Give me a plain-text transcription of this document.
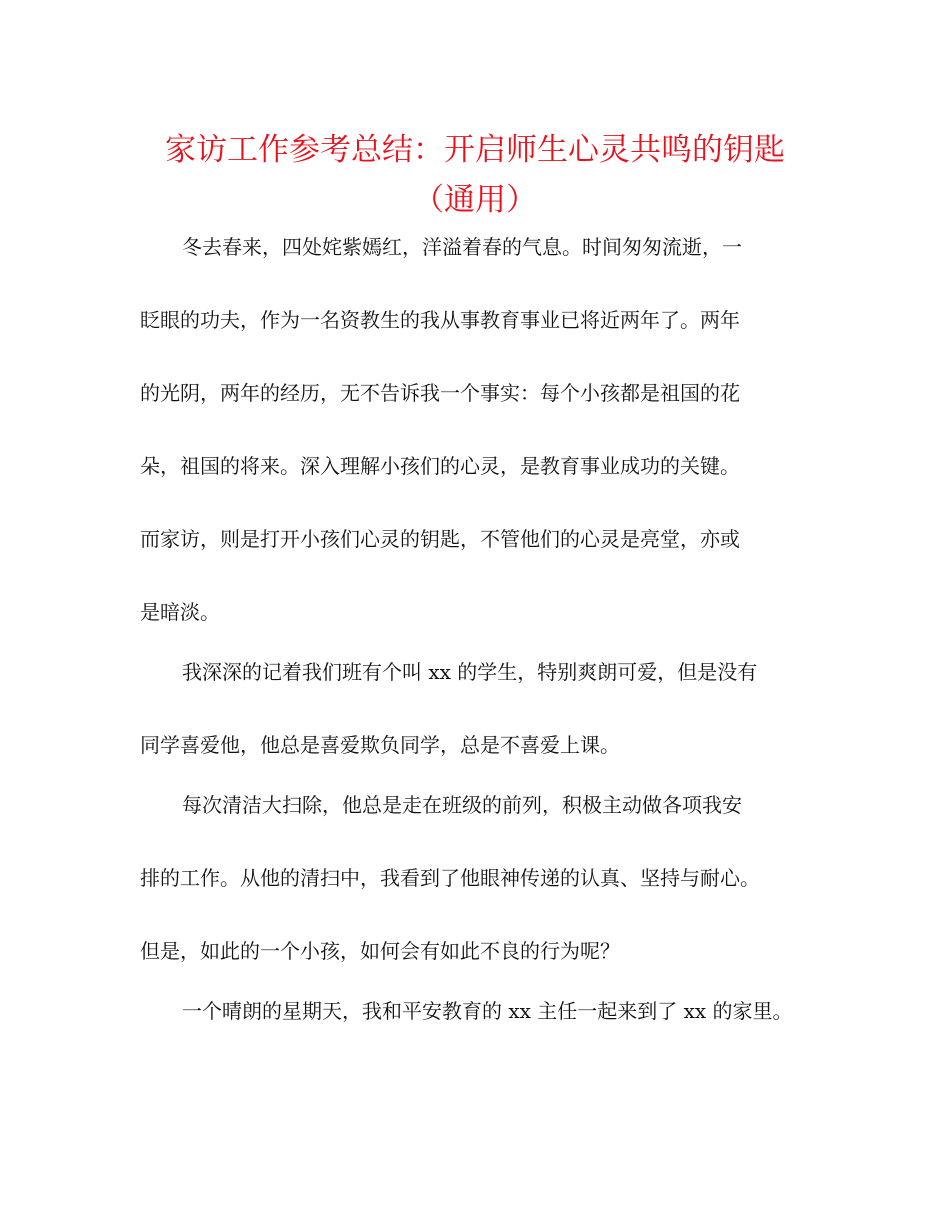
家访工作参考总结：开启师生心灵共鸣的钥匙
（通用）
冬去春来，四处姹紫嫣红，洋溢着春的气息。时间匆匆流逝，一
眨眼的功夫，作为一名资教生的我从事教育事业已将近两年了。两年
的光阴，两年的经历，无不告诉我一个事实：每个小孩都是祖国的花
朵，祖国的将来。深入理解小孩们的心灵，是教育事业成功的关键。
而家访，则是打开小孩们心灵的钥匙，不管他们的心灵是亮堂，亦或
是暗淡。
我深深的记着我们班有个叫 xx 的学生，特别爽朗可爱，但是没有
同学喜爱他，他总是喜爱欺负同学，总是不喜爱上课。
每次清洁大扫除，他总是走在班级的前列，积极主动做各项我安
排的工作。从他的清扫中，我看到了他眼神传递的认真、坚持与耐心。
但是，如此的一个小孩，如何会有如此不良的行为呢？
一个晴朗的星期天，我和平安教育的 xx 主任一起来到了 xx 的家里。
